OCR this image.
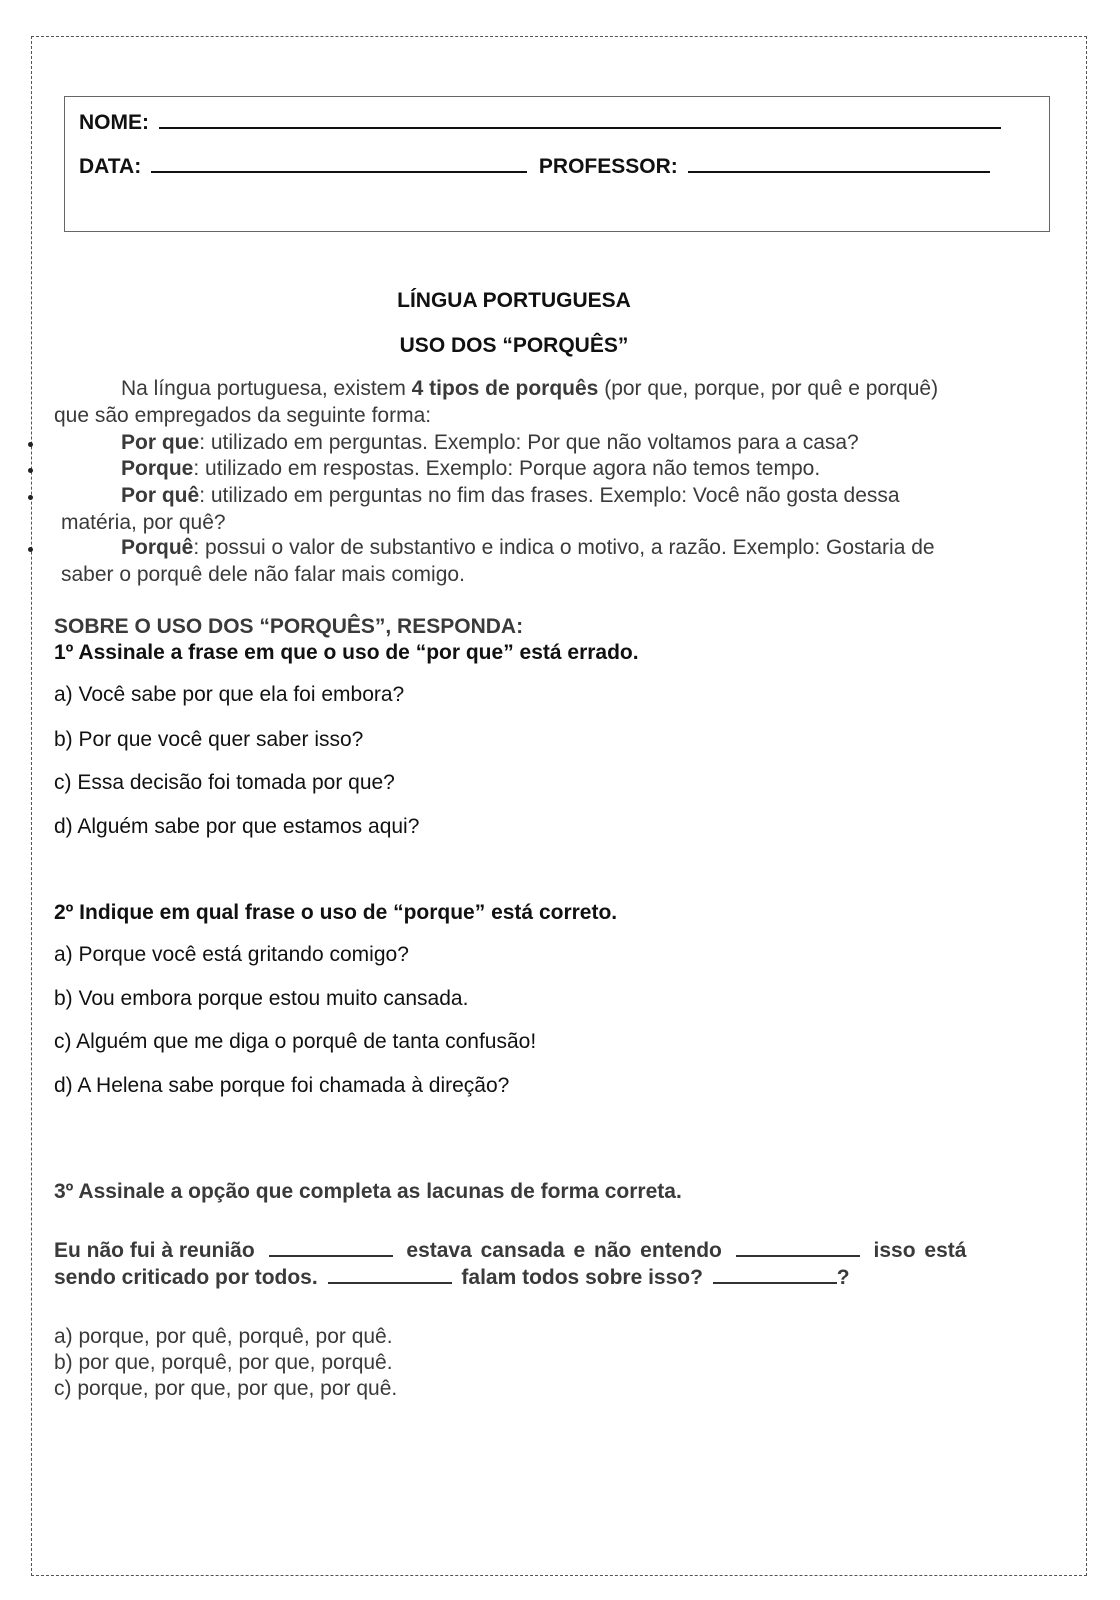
NOME:
DATA:	PROFESSOR:
LÍNGUA PORTUGUESA
USO DOS “PORQUÊS”
Na língua portuguesa, existem 4 tipos de porquês (por que, porque, por quê e porquê)
que são empregados da seguinte forma:
Por que: utilizado em perguntas. Exemplo: Por que não voltamos para a casa?
Porque: utilizado em respostas. Exemplo: Porque agora não temos tempo.
Por quê: utilizado em perguntas no fim das frases. Exemplo: Você não gosta dessa
matéria, por quê?
Porquê: possui o valor de substantivo e indica o motivo, a razão. Exemplo: Gostaria de
saber o porquê dele não falar mais comigo.
SOBRE O USO DOS “PORQUÊS”, RESPONDA:
1º Assinale a frase em que o uso de “por que” está errado.
a) Você sabe por que ela foi embora?
b) Por que você quer saber isso?
c) Essa decisão foi tomada por que?
d) Alguém sabe por que estamos aqui?
2º Indique em qual frase o uso de “porque” está correto.
a) Porque você está gritando comigo?
b) Vou embora porque estou muito cansada.
c) Alguém que me diga o porquê de tanta confusão!
d) A Helena sabe porque foi chamada à direção?
3º Assinale a opção que completa as lacunas de forma correta.
Eu não fui à reunião	estava cansada e não entendo	isso está
sendo criticado por todos.	falam todos sobre isso?	?
a) porque, por quê, porquê, por quê.
b) por que, porquê, por que, porquê.
c) porque, por que, por que, por quê.
